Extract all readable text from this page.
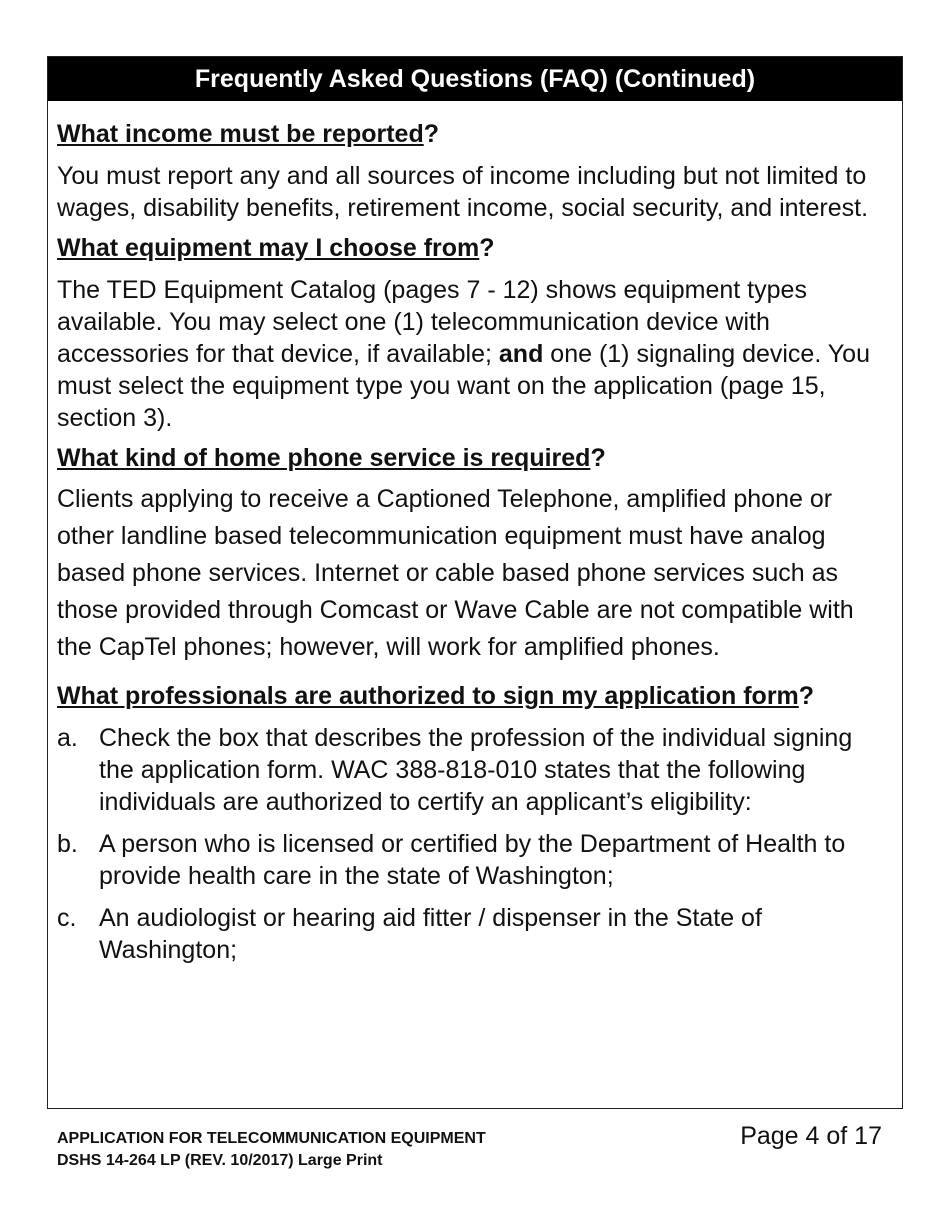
Frequently Asked Questions (FAQ) (Continued)
What income must be reported?

You must report any and all sources of income including but not limited to wages, disability benefits, retirement income, social security, and interest.

What equipment may I choose from?

The TED Equipment Catalog (pages 7 - 12) shows equipment types available. You may select one (1) telecommunication device with accessories for that device, if available; and one (1) signaling device. You must select the equipment type you want on the application (page 15, section 3).

What kind of home phone service is required?

Clients applying to receive a Captioned Telephone, amplified phone or other landline based telecommunication equipment must have analog based phone services. Internet or cable based phone services such as those provided through Comcast or Wave Cable are not compatible with the CapTel phones; however, will work for amplified phones.

What professionals are authorized to sign my application form?
a. Check the box that describes the profession of the individual signing the application form. WAC 388-818-010 states that the following individuals are authorized to certify an applicant’s eligibility:
b. A person who is licensed or certified by the Department of Health to provide health care in the state of Washington;
c. An audiologist or hearing aid fitter / dispenser in the State of Washington;
APPLICATION FOR TELECOMMUNICATION EQUIPMENT
DSHS 14-264 LP (REV. 10/2017) Large Print
Page 4 of 17
